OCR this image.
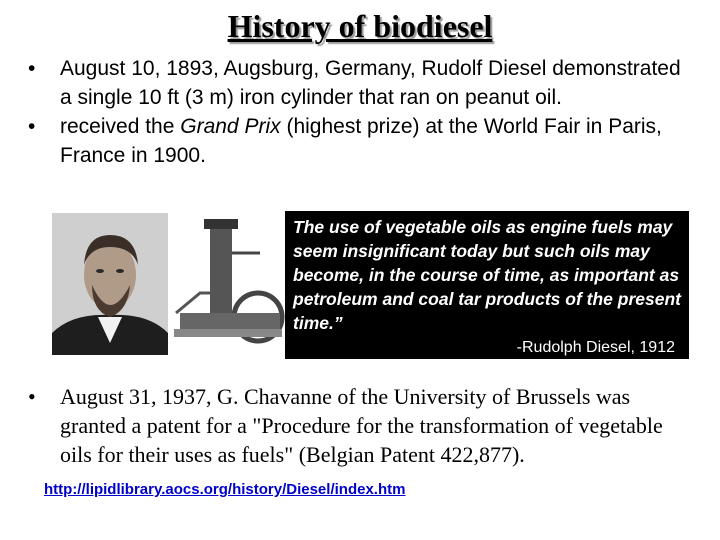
History of biodiesel
• August 10, 1893, Augsburg, Germany, Rudolf Diesel demonstrated a single 10 ft (3 m) iron cylinder that ran on peanut oil.
• received the Grand Prix (highest prize) at the World Fair in Paris, France in 1900.
The use of vegetable oils as engine fuels may seem insignificant today but such oils may become, in the course of time, as important as petroleum and coal tar products of the present time.”
-Rudolph Diesel, 1912
• August 31, 1937, G. Chavanne of the University of Brussels was granted a patent for a "Procedure for the transformation of vegetable oils for their uses as fuels" (Belgian Patent 422,877).
http://lipidlibrary.aocs.org/history/Diesel/index.htm
